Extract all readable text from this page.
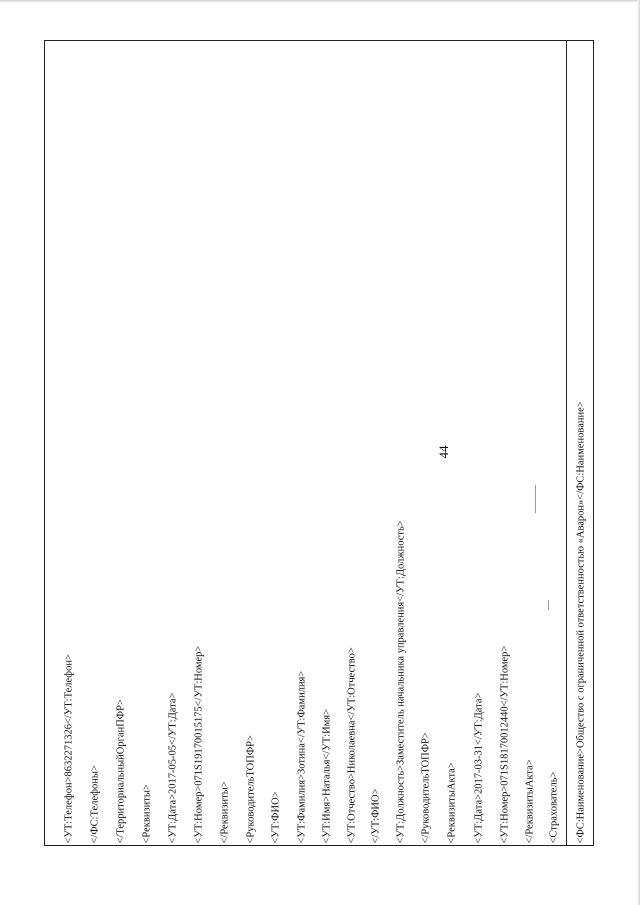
44
<УТ:Телефон>8632271326</УТ:Телефон> </ФС:Телефоны> </ТерриториальныйОрганПФР> <Реквизиты> <УТ:Дата>2017-05-05</УТ:Дата> <УТ:Номер>071S19170015175</УТ:Номер> </Реквизиты> <РуководительТОПФР> <УТ:ФИО> <УТ:Фамилия>Зотина</УТ:Фамилия> <УТ:Имя>Наталья</УТ:Имя> <УТ:Отчество>Николаевна</УТ:Отчество> </УТ:ФИО> <УТ:Должность>Заместитель начальника управления</УТ:Должность> </РуководительТОПФР> <РеквизитыАкта> <УТ:Дата>2017-03-31</УТ:Дата> <УТ:Номер>071S18170012440</УТ:Номер> </РеквизитыАкта> <Страхователь> <ФС:Наименование>Общество с ограниченной ответственностью «Аварон»</ФС:Наименование>
